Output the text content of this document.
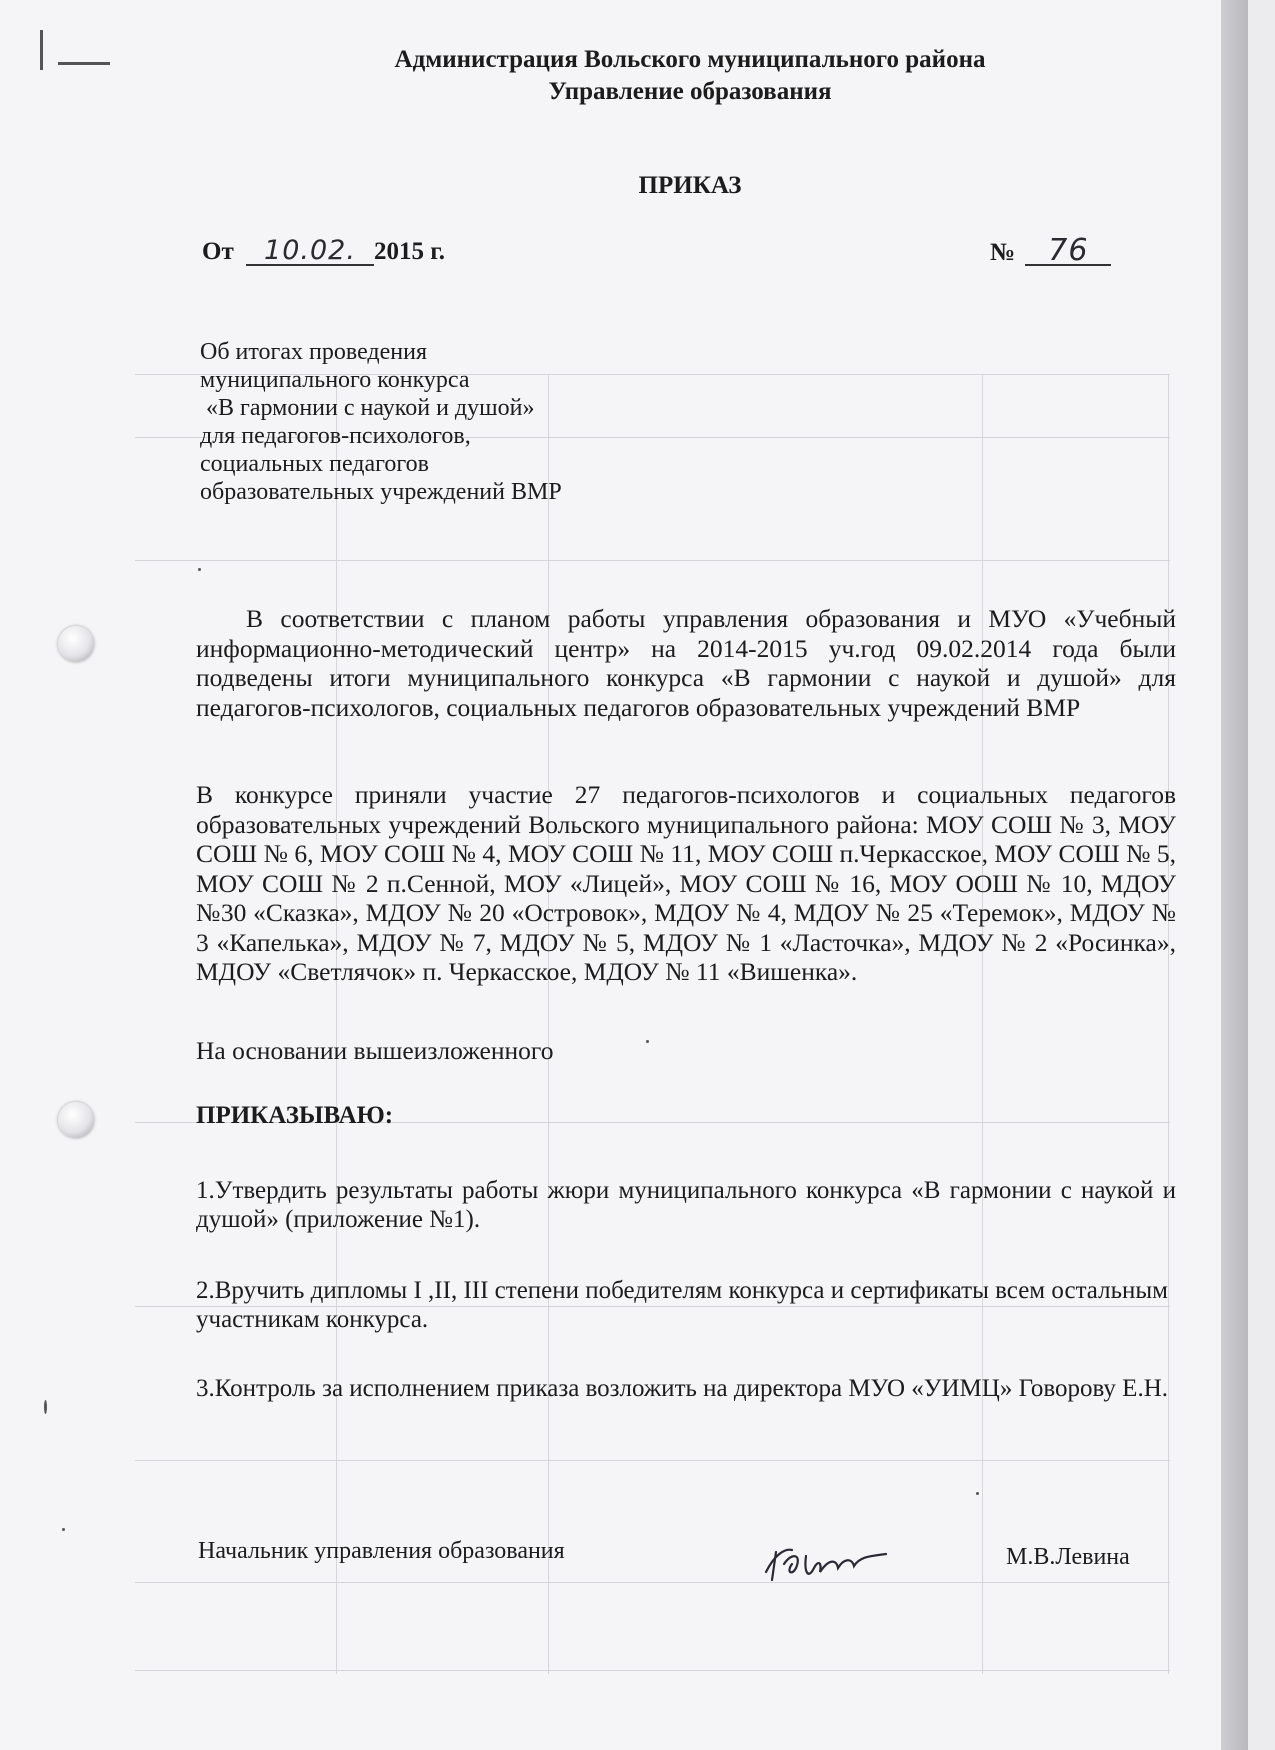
Администрация Вольского муниципального района
Управление образования
ПРИКАЗ
От 10.02. 2015 г.	№ 76
Об итогах проведения
муниципального конкурса
«В гармонии с наукой и душой»
для педагогов-психологов,
социальных педагогов
образовательных учреждений ВМР
В соответствии с планом работы управления образования и МУО «Учебный информационно-методический центр» на 2014-2015 уч.год 09.02.2014 года были подведены итоги муниципального конкурса «В гармонии с наукой и душой» для педагогов-психологов, социальных педагогов образовательных учреждений ВМР
В конкурсе приняли участие 27 педагогов-психологов и социальных педагогов образовательных учреждений Вольского муниципального района: МОУ СОШ № 3, МОУ СОШ № 6, МОУ СОШ № 4, МОУ СОШ № 11, МОУ СОШ п.Черкасское, МОУ СОШ № 5, МОУ СОШ № 2 п.Сенной, МОУ «Лицей», МОУ СОШ № 16, МОУ ООШ № 10, МДОУ №30 «Сказка», МДОУ № 20 «Островок», МДОУ № 4, МДОУ № 25 «Теремок», МДОУ № 3 «Капелька», МДОУ № 7, МДОУ № 5, МДОУ № 1 «Ласточка», МДОУ № 2 «Росинка», МДОУ «Светлячок» п. Черкасское, МДОУ № 11 «Вишенка».
На основании вышеизложенного
ПРИКАЗЫВАЮ:
1.Утвердить результаты работы жюри муниципального конкурса «В гармонии с наукой и душой» (приложение №1).
2.Вручить дипломы I ,II, III степени победителям конкурса и сертификаты всем остальным участникам конкурса.
3.Контроль за исполнением приказа возложить на директора МУО «УИМЦ» Говорову Е.Н.
Начальник управления образования	М.В.Левина
